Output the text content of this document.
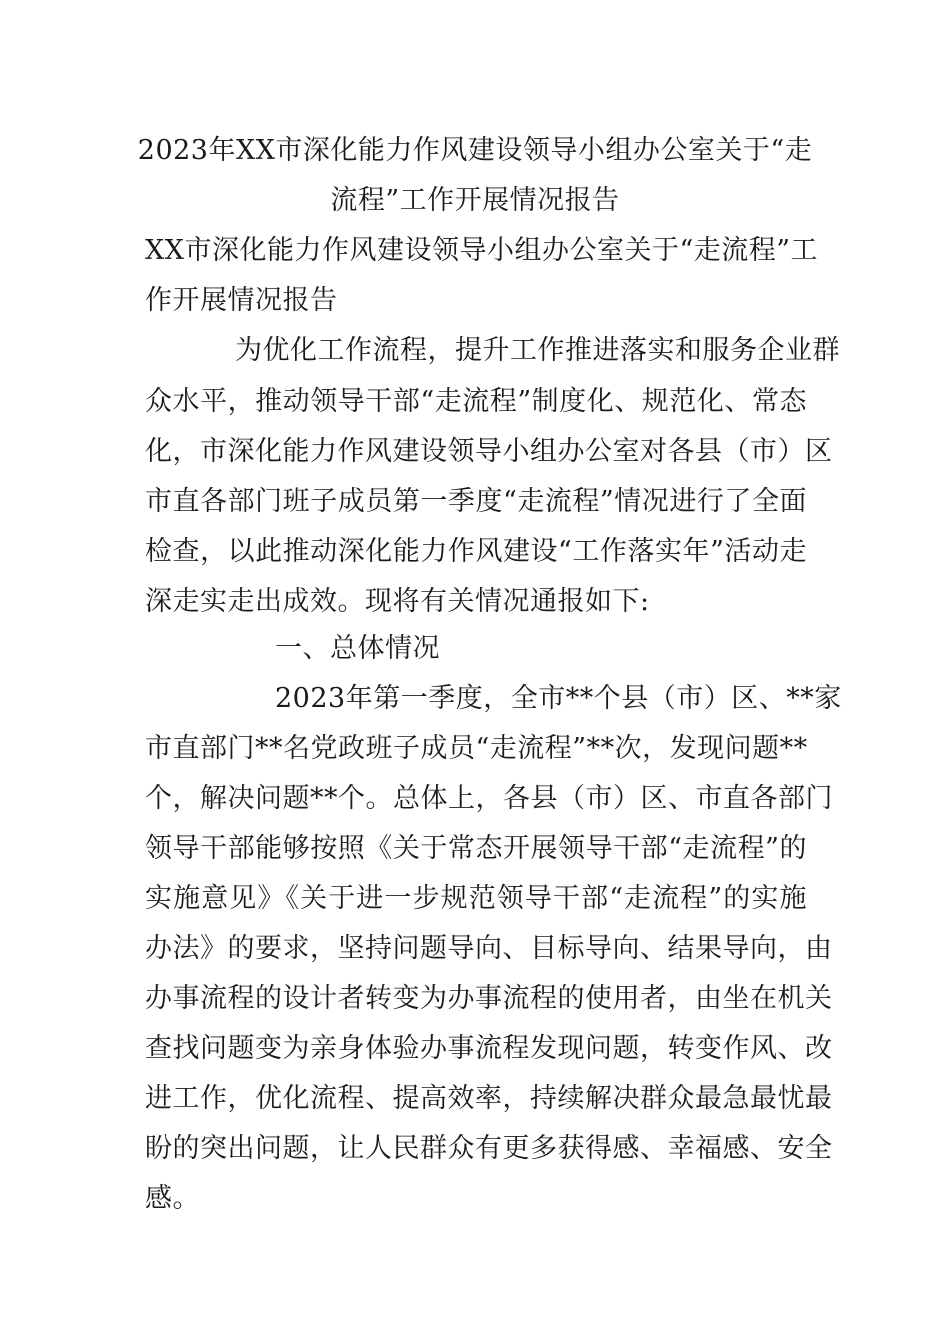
2023年XX市深化能力作风建设领导小组办公室关于“走
流程”工作开展情况报告
XX市深化能力作风建设领导小组办公室关于“走流程”工
作开展情况报告
为优化工作流程，提升工作推进落实和服务企业群
众水平，推动领导干部“走流程”制度化、规范化、常态
化，市深化能力作风建设领导小组办公室对各县（市）区
市直各部门班子成员第一季度“走流程”情况进行了全面
检查，以此推动深化能力作风建设“工作落实年”活动走
深走实走出成效。现将有关情况通报如下:
一、总体情况
2023年第一季度，全市**个县（市）区、**家
市直部门**名党政班子成员“走流程”**次，发现问题**
个，解决问题**个。总体上，各县（市）区、市直各部门
领导干部能够按照《关于常态开展领导干部“走流程”的
实施意见》《关于进一步规范领导干部“走流程”的实施
办法》的要求，坚持问题导向、目标导向、结果导向，由
办事流程的设计者转变为办事流程的使用者，由坐在机关
查找问题变为亲身体验办事流程发现问题，转变作风、改
进工作，优化流程、提高效率，持续解决群众最急最忧最
盼的突出问题，让人民群众有更多获得感、幸福感、安全
感。
